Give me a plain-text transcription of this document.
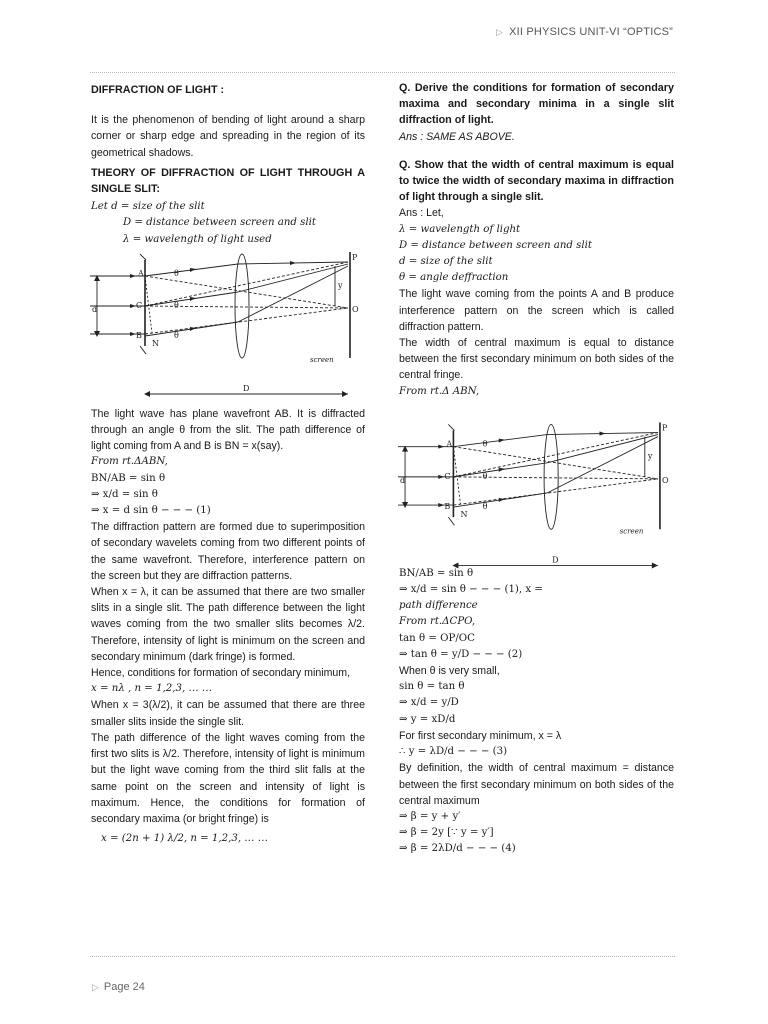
▷ XII PHYSICS UNIT-VI “OPTICS”

DIFFRACTION OF LIGHT :

It is the phenomenon of bending of light around a sharp corner or sharp edge and spreading in the region of its geometrical shadows.

THEORY OF DIFFRACTION OF LIGHT THROUGH A SINGLE SLIT:

Let d = size of the slit

D = distance between screen and slit

λ = wavelength of light used

The light wave has plane wavefront AB. It is diffracted through an angle θ from the slit. The path difference of light coming from A and B is BN = x(say).

From rt.ΔABN,

BN/AB = sin θ

⇒ x/d = sin θ

⇒ x = d sin θ − − − (1)

The diffraction pattern are formed due to superimposition of secondary wavelets coming from two different points of the same wavefront. Therefore, interference pattern on the screen but they are diffraction patterns.

When x = λ, it can be assumed that there are two smaller slits in a single slit. The path difference between the light waves coming from the two smaller slits becomes λ/2. Therefore, intensity of light is minimum on the screen and secondary minimum (dark fringe) is formed.

Hence, conditions for formation of secondary minimum,

x = nλ , n = 1,2,3, … …

When x = 3(λ/2), it can be assumed that there are three smaller slits inside the single slit.

The path difference of the light waves coming from the first two slits is λ/2. Therefore, intensity of light is minimum but the light wave coming from the third slit falls at the same point on the screen and intensity of light is maximum. Hence, the conditions for formation of secondary maxima (or bright fringe) is

x = (2n + 1) λ/2, n = 1,2,3, … …

Q. Derive the conditions for formation of secondary maxima and secondary minima in a single slit diffraction of light.

Ans : SAME AS ABOVE.

Q. Show that the width of central maximum is equal to twice the width of secondary maxima in diffraction of light through a single slit.

Ans : Let,

λ = wavelength of light

D = distance between screen and slit

d = size of the slit

θ = angle deffraction

The light wave coming from the points A and B produce interference pattern on the screen which is called diffraction pattern.

The width of central maximum is equal to distance between the first secondary minimum on both sides of the central fringe.

From rt.Δ ABN,

BN/AB = sin θ

⇒ x/d = sin θ − − − (1), x =

path difference

From rt.ΔCPO,

tan θ = OP/OC

⇒ tan θ = y/D − − − (2)

When θ is very small,

sin θ = tan θ

⇒ x/d = y/D

⇒ y = xD/d

For first secondary minimum, x = λ

∴ y = λD/d − − − (3)

By definition, the width of central maximum = distance between the first secondary minimum on both sides of the central maximum

⇒ β = y + y′

⇒ β = 2y [∵ y = y′]

⇒ β = 2λD/d − − − (4)

A
C
B
N
P
O
d
y
D
θ
θ
θ
screen
A
C
B
N
P
O
d
y
D
θ
θ
θ
screen
▷ Page 24
